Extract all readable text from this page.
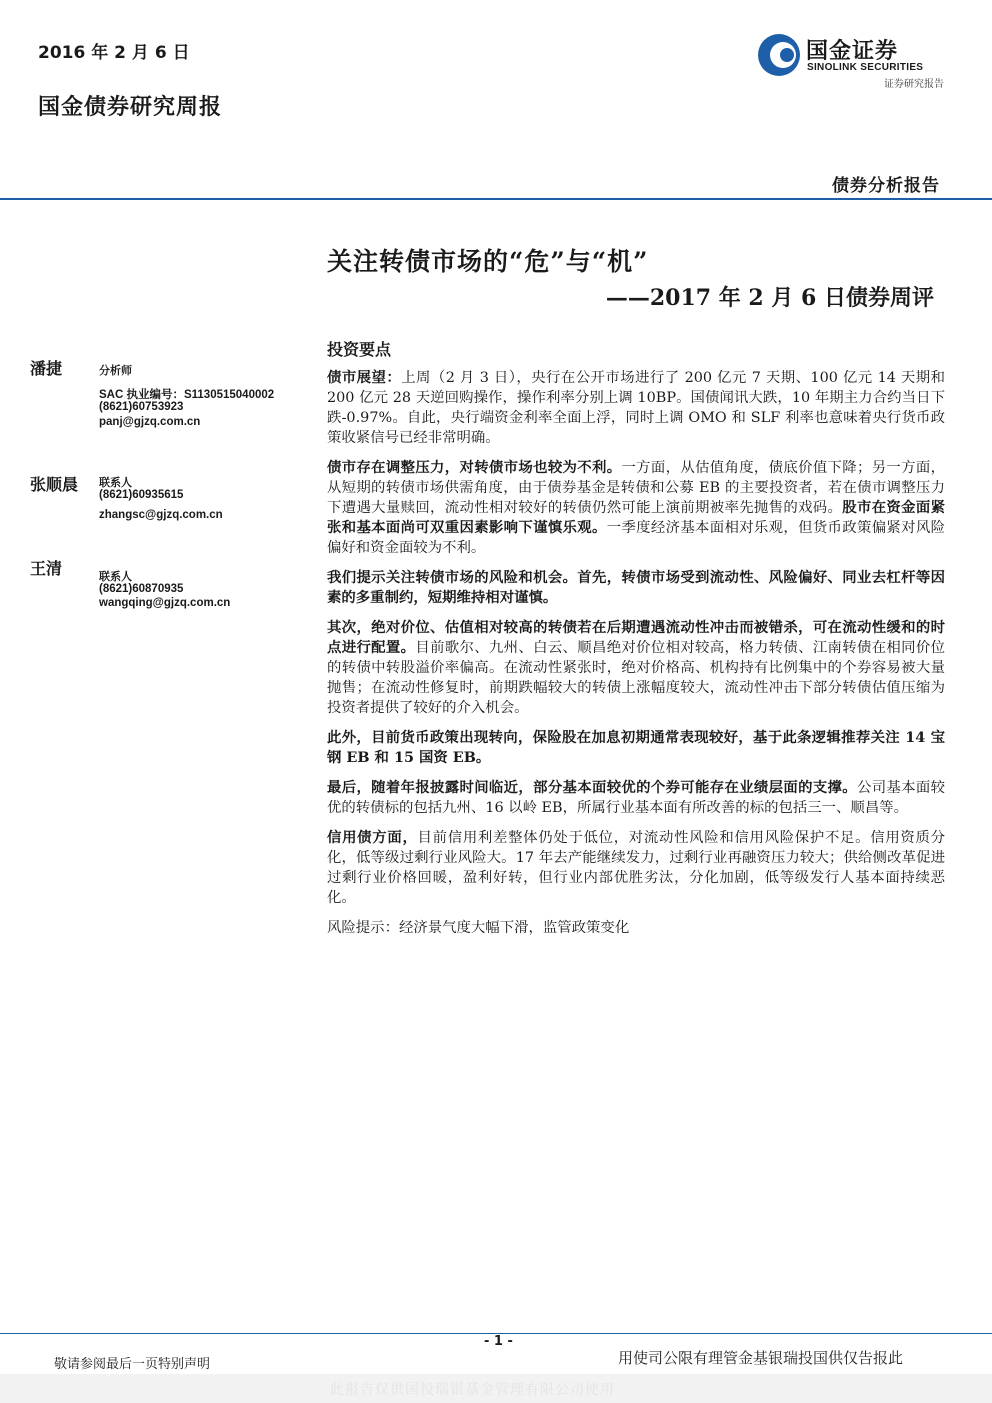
2016 年 2 月 6 日
国金债券研究周报
国金证券
SINOLINK SECURITIES
证券研究报告
债券分析报告
关注转债市场的“危”与“机”
——2017 年 2 月 6 日债券周评
潘捷	分析师
SAC 执业编号：S1130515040002
(8621)60753923
panj@gjzq.com.cn
张顺晨 联系人
(8621)60935615
zhangsc@gjzq.com.cn
王清	联系人
(8621)60870935
wangqing@gjzq.com.cn
投资要点

债市展望：上周（2 月 3 日），央行在公开市场进行了 200 亿元 7 天期、100 亿元 14 天期和 200 亿元 28 天逆回购操作，操作利率分别上调 10BP。国债闻讯大跌，10 年期主力合约当日下跌-0.97%。自此，央行端资金利率全面上浮，同时上调 OMO 和 SLF 利率也意味着央行货币政策收紧信号已经非常明确。

债市存在调整压力，对转债市场也较为不利。一方面，从估值角度，债底价值下降；另一方面，从短期的转债市场供需角度，由于债券基金是转债和公募 EB 的主要投资者，若在债市调整压力下遭遇大量赎回，流动性相对较好的转债仍然可能上演前期被率先抛售的戏码。股市在资金面紧张和基本面尚可双重因素影响下谨慎乐观。一季度经济基本面相对乐观，但货币政策偏紧对风险偏好和资金面较为不利。

我们提示关注转债市场的风险和机会。首先，转债市场受到流动性、风险偏好、同业去杠杆等因素的多重制约，短期维持相对谨慎。

其次，绝对价位、估值相对较高的转债若在后期遭遇流动性冲击而被错杀，可在流动性缓和的时点进行配置。目前歌尔、九州、白云、顺昌绝对价位相对较高，格力转债、江南转债在相同价位的转债中转股溢价率偏高。在流动性紧张时，绝对价格高、机构持有比例集中的个券容易被大量抛售；在流动性修复时，前期跌幅较大的转债上涨幅度较大，流动性冲击下部分转债估值压缩为投资者提供了较好的介入机会。

此外，目前货币政策出现转向，保险股在加息初期通常表现较好，基于此条逻辑推荐关注 14 宝钢 EB 和 15 国资 EB。

最后，随着年报披露时间临近，部分基本面较优的个券可能存在业绩层面的支撑。公司基本面较优的转债标的包括九州、16 以岭 EB，所属行业基本面有所改善的标的包括三一、顺昌等。

信用债方面，目前信用利差整体仍处于低位，对流动性风险和信用风险保护不足。信用资质分化，低等级过剩行业风险大。17 年去产能继续发力，过剩行业再融资压力较大；供给侧改革促进过剩行业价格回暖，盈利好转，但行业内部优胜劣汰，分化加剧，低等级发行人基本面持续恶化。

风险提示：经济景气度大幅下滑，监管政策变化

- 1 -
敬请参阅最后一页特别声明	用使司公限有理管金基银瑞投国供仅告报此
此报告仅供国投瑞银基金管理有限公司使用
